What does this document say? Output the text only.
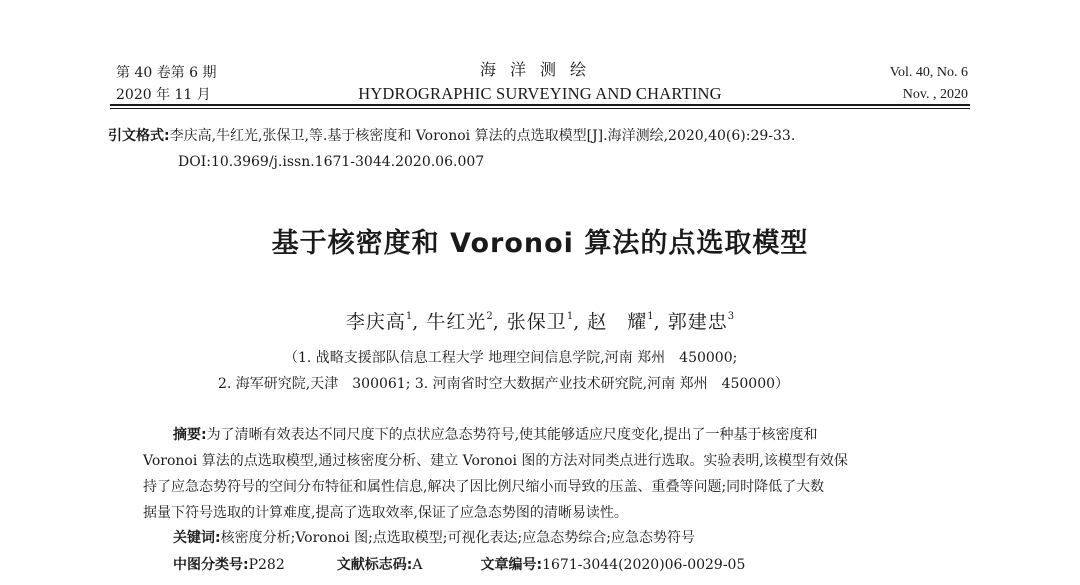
第 40 卷第 6 期
2020 年 11 月
海洋测绘
HYDROGRAPHIC SURVEYING AND CHARTING
Vol. 40, No. 6
Nov. , 2020
引文格式:李庆高,牛红光,张保卫,等.基于核密度和 Voronoi 算法的点选取模型[J].海洋测绘,2020,40(6):29-33.
DOI:10.3969/j.issn.1671-3044.2020.06.007
基于核密度和 Voronoi 算法的点选取模型
李庆高$^1$, 牛红光$^2$, 张保卫$^1$, 赵　耀$^1$, 郭建忠$^3$
（1. 战略支援部队信息工程大学 地理空间信息学院,河南 郑州　450000;
2. 海军研究院,天津　300061; 3. 河南省时空大数据产业技术研究院,河南 郑州　450000）
摘要:为了清晰有效表达不同尺度下的点状应急态势符号,使其能够适应尺度变化,提出了一种基于核密度和
Voronoi 算法的点选取模型,通过核密度分析、建立 Voronoi 图的方法对同类点进行选取。实验表明,该模型有效保
持了应急态势符号的空间分布特征和属性信息,解决了因比例尺缩小而导致的压盖、重叠等问题;同时降低了大数
据量下符号选取的计算难度,提高了选取效率,保证了应急态势图的清晰易读性。
关键词:核密度分析;Voronoi 图;点选取模型;可视化表达;应急态势综合;应急态势符号
中图分类号:P282	文献标志码:A	文章编号:1671-3044(2020)06-0029-05
